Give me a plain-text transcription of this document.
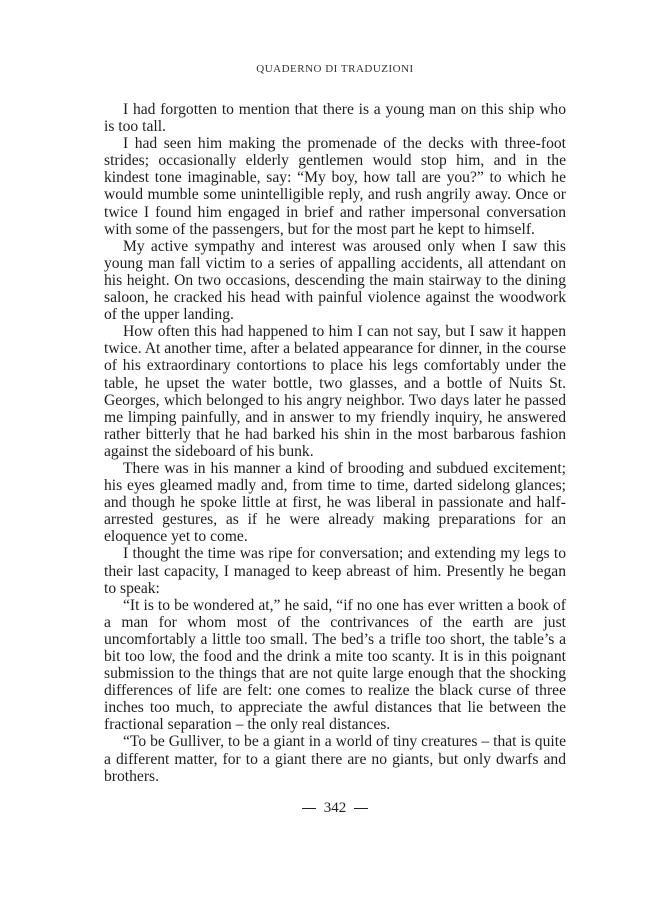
QUADERNO DI TRADUZIONI

I had forgotten to mention that there is a young man on this ship who is too tall.

I had seen him making the promenade of the decks with three-foot strides; occasionally elderly gentlemen would stop him, and in the kindest tone imaginable, say: “My boy, how tall are you?” to which he would mumble some unintelligible reply, and rush angrily away. Once or twice I found him engaged in brief and rather impersonal conversation with some of the passengers, but for the most part he kept to himself.

My active sympathy and interest was aroused only when I saw this young man fall victim to a series of appalling accidents, all attendant on his height. On two occasions, descending the main stairway to the dining saloon, he cracked his head with painful violence against the woodwork of the upper landing.

How often this had happened to him I can not say, but I saw it happen twice. At another time, after a belated appearance for dinner, in the course of his extraordinary contortions to place his legs comfortably under the table, he upset the water bottle, two glasses, and a bottle of Nuits St. Georges, which belonged to his angry neighbor. Two days later he passed me limping painfully, and in answer to my friendly inquiry, he answered rather bitterly that he had barked his shin in the most barbarous fashion against the sideboard of his bunk.

There was in his manner a kind of brooding and subdued excitement; his eyes gleamed madly and, from time to time, darted sidelong glances; and though he spoke little at first, he was liberal in passionate and half-arrested gestures, as if he were already making preparations for an eloquence yet to come.

I thought the time was ripe for conversation; and extending my legs to their last capacity, I managed to keep abreast of him. Presently he began to speak:

“It is to be wondered at,” he said, “if no one has ever written a book of a man for whom most of the contrivances of the earth are just uncomfortably a little too small. The bed’s a trifle too short, the table’s a bit too low, the food and the drink a mite too scanty. It is in this poignant submission to the things that are not quite large enough that the shocking differences of life are felt: one comes to realize the black curse of three inches too much, to appreciate the awful distances that lie between the fractional separation – the only real distances.

“To be Gulliver, to be a giant in a world of tiny creatures – that is quite a different matter, for to a giant there are no giants, but only dwarfs and brothers.

342
